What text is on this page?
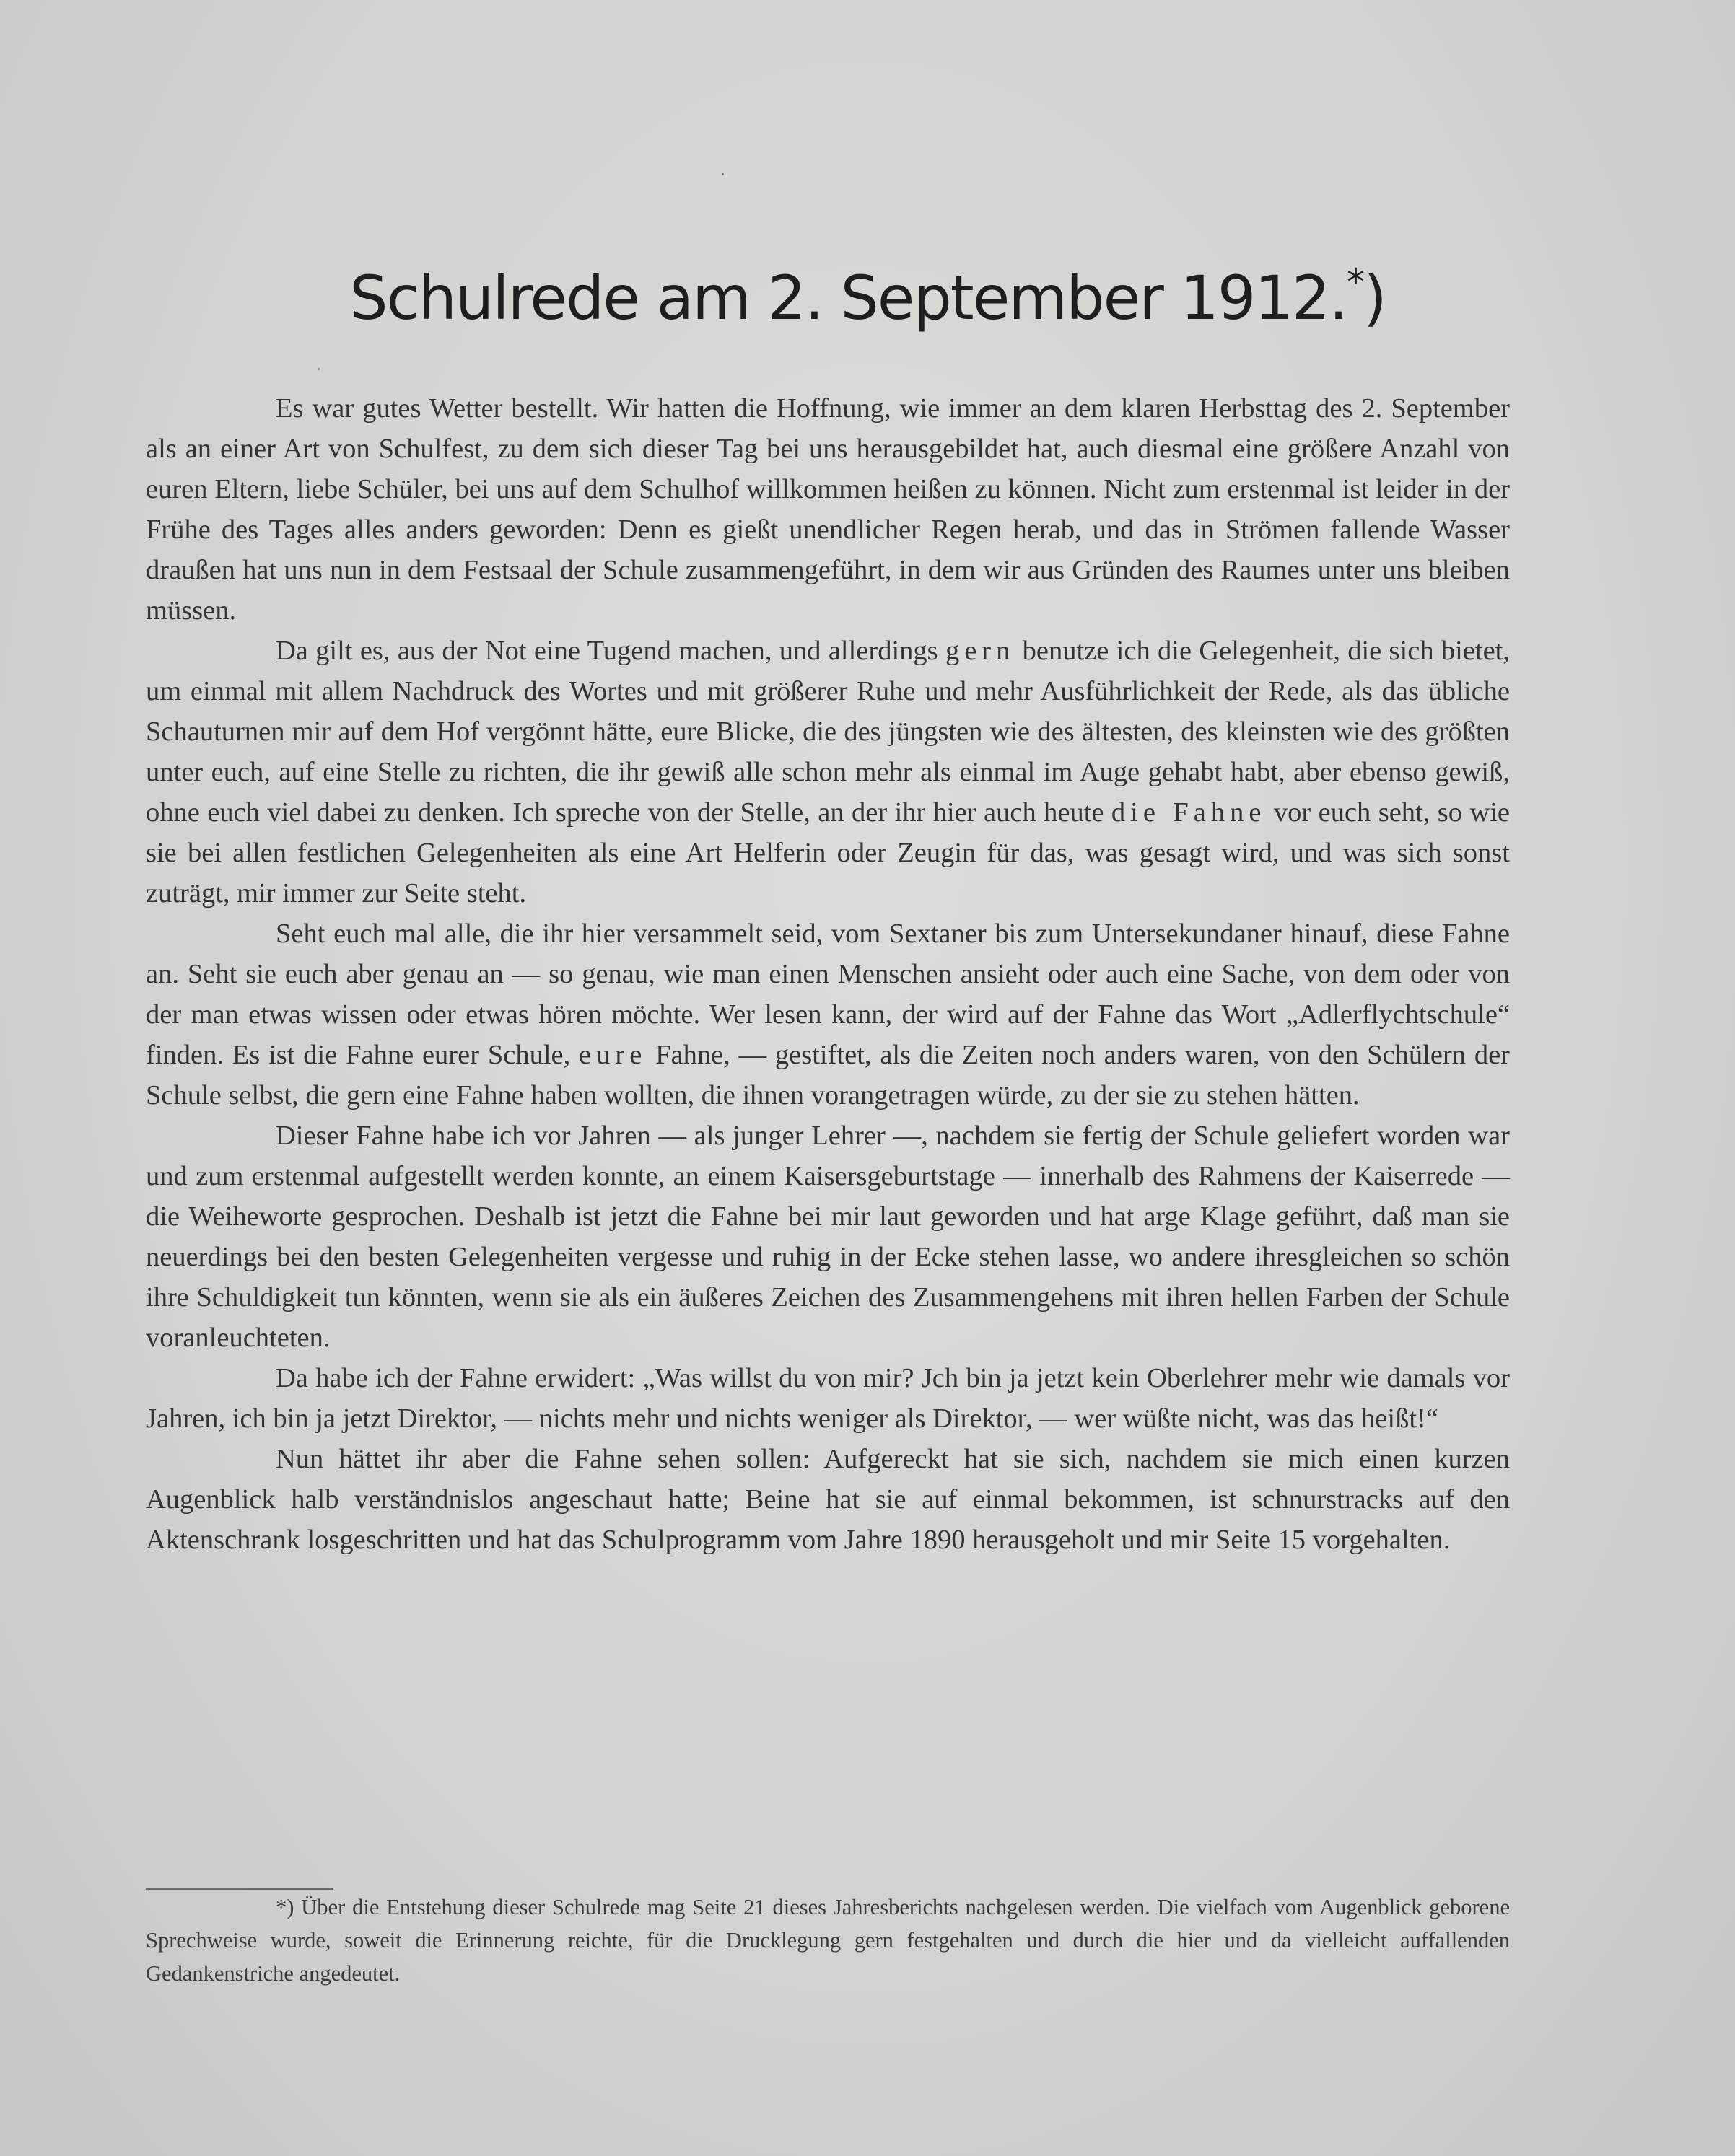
Schulrede am 2. September 1912.*)

Es war gutes Wetter bestellt. Wir hatten die Hoffnung, wie immer an dem klaren Herbsttag des 2. September als an einer Art von Schulfest, zu dem sich dieser Tag bei uns herausgebildet hat, auch diesmal eine größere Anzahl von euren Eltern, liebe Schüler, bei uns auf dem Schulhof willkommen heißen zu können. Nicht zum erstenmal ist leider in der Frühe des Tages alles anders geworden: Denn es gießt unendlicher Regen herab, und das in Strömen fallende Wasser draußen hat uns nun in dem Festsaal der Schule zusammengeführt, in dem wir aus Gründen des Raumes unter uns bleiben müssen.

Da gilt es, aus der Not eine Tugend machen, und allerdings gern benutze ich die Gelegenheit, die sich bietet, um einmal mit allem Nachdruck des Wortes und mit größerer Ruhe und mehr Ausführlichkeit der Rede, als das übliche Schauturnen mir auf dem Hof vergönnt hätte, eure Blicke, die des jüngsten wie des ältesten, des kleinsten wie des größten unter euch, auf eine Stelle zu richten, die ihr gewiß alle schon mehr als einmal im Auge gehabt habt, aber ebenso gewiß, ohne euch viel dabei zu denken. Ich spreche von der Stelle, an der ihr hier auch heute die Fahne vor euch seht, so wie sie bei allen festlichen Gelegenheiten als eine Art Helferin oder Zeugin für das, was gesagt wird, und was sich sonst zuträgt, mir immer zur Seite steht.

Seht euch mal alle, die ihr hier versammelt seid, vom Sextaner bis zum Untersekundaner hinauf, diese Fahne an. Seht sie euch aber genau an — so genau, wie man einen Menschen ansieht oder auch eine Sache, von dem oder von der man etwas wissen oder etwas hören möchte. Wer lesen kann, der wird auf der Fahne das Wort „Adlerflychtschule“ finden. Es ist die Fahne eurer Schule, eure Fahne, — gestiftet, als die Zeiten noch anders waren, von den Schülern der Schule selbst, die gern eine Fahne haben wollten, die ihnen vorangetragen würde, zu der sie zu stehen hätten.

Dieser Fahne habe ich vor Jahren — als junger Lehrer —, nachdem sie fertig der Schule geliefert worden war und zum erstenmal aufgestellt werden konnte, an einem Kaisersgeburtstage — innerhalb des Rahmens der Kaiserrede — die Weiheworte gesprochen. Deshalb ist jetzt die Fahne bei mir laut geworden und hat arge Klage geführt, daß man sie neuerdings bei den besten Gelegenheiten vergesse und ruhig in der Ecke stehen lasse, wo andere ihresgleichen so schön ihre Schuldigkeit tun könnten, wenn sie als ein äußeres Zeichen des Zusammengehens mit ihren hellen Farben der Schule voranleuchteten.

Da habe ich der Fahne erwidert: „Was willst du von mir? Jch bin ja jetzt kein Oberlehrer mehr wie damals vor Jahren, ich bin ja jetzt Direktor, — nichts mehr und nichts weniger als Direktor, — wer wüßte nicht, was das heißt!“

Nun hättet ihr aber die Fahne sehen sollen: Aufgereckt hat sie sich, nachdem sie mich einen kurzen Augenblick halb verständnislos angeschaut hatte; Beine hat sie auf einmal bekommen, ist schnurstracks auf den Aktenschrank losgeschritten und hat das Schulprogramm vom Jahre 1890 herausgeholt und mir Seite 15 vorgehalten.

*) Über die Entstehung dieser Schulrede mag Seite 21 dieses Jahresberichts nachgelesen werden. Die vielfach vom Augenblick geborene Sprechweise wurde, soweit die Erinnerung reichte, für die Drucklegung gern festgehalten und durch die hier und da vielleicht auffallenden Gedankenstriche angedeutet.
